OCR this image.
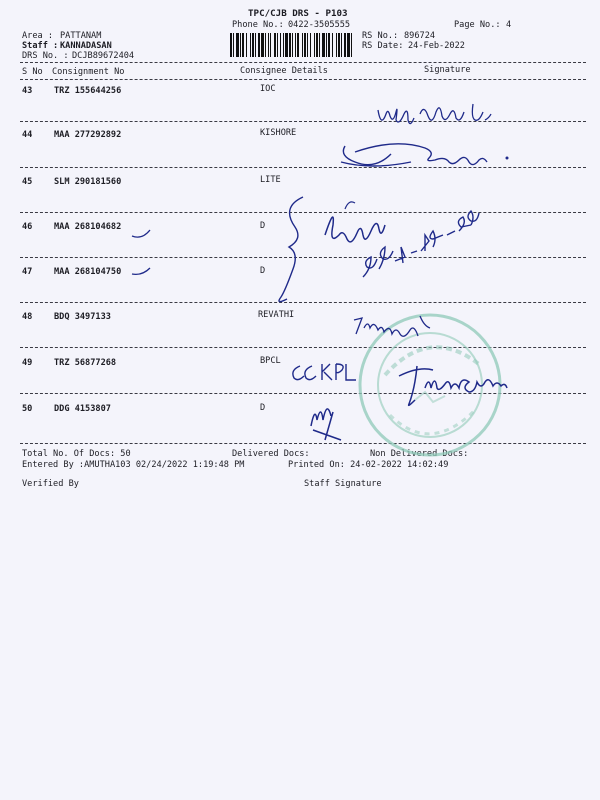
TPC/CJB DRS - P103
Phone No.: 0422-3505555	Page No.: 4
Area : PATTANAM
Staff : KANNADASAN
DRS No. : DCJB89672404
RS No.: 896724
RS Date: 24-Feb-2022
S No Consignment No	Consignee Details	Signature
43	TRZ 155644256	IOC
44	MAA 277292892	KISHORE
45	SLM 290181560	LITE
46	MAA 268104682	D
47	MAA 268104750	D
48	BDQ 3497133	REVATHI
49	TRZ 56877268	BPCL
50	DDG 4153807	D
Total No. Of Docs: 50	Delivered Docs:	Non Delivered Docs:
Entered By :AMUTHA103 02/24/2022 1:19:48 PM	Printed On: 24-02-2022 14:02:49
Verified By	Staff Signature
